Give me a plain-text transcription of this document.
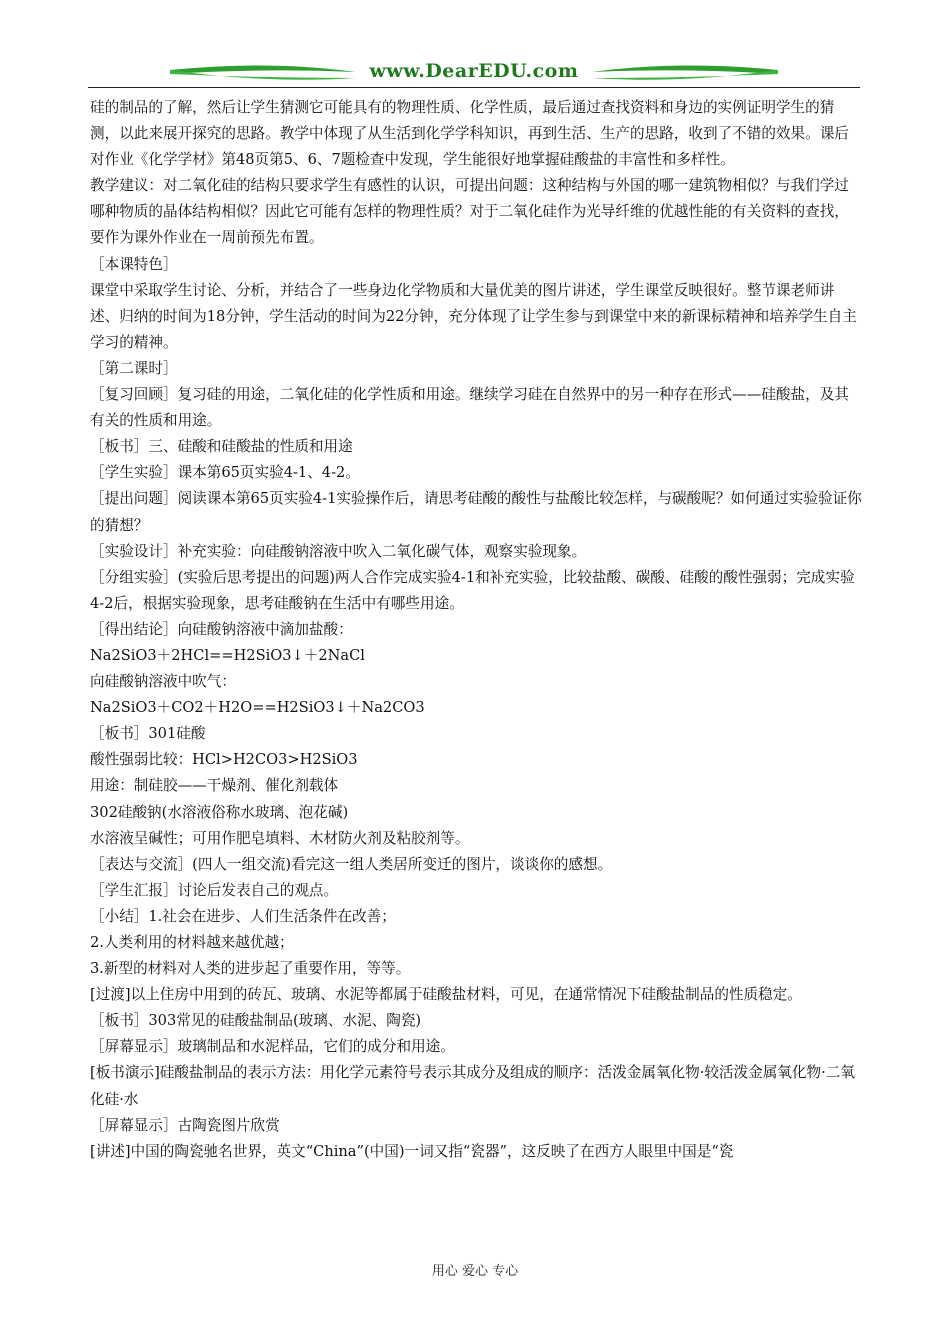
www.DearEDU.com

硅的制品的了解，然后让学生猜测它可能具有的物理性质、化学性质，最后通过查找资料和身边的实例证明学生的猜测，以此来展开探究的思路。教学中体现了从生活到化学学科知识，再到生活、生产的思路，收到了不错的效果。课后对作业《化学学材》第48页第5、6、7题检查中发现，学生能很好地掌握硅酸盐的丰富性和多样性。

教学建议：对二氧化硅的结构只要求学生有感性的认识，可提出问题：这种结构与外国的哪一建筑物相似？与我们学过哪种物质的晶体结构相似？因此它可能有怎样的物理性质？对于二氧化硅作为光导纤维的优越性能的有关资料的查找，要作为课外作业在一周前预先布置。

［本课特色］

课堂中采取学生讨论、分析，并结合了一些身边化学物质和大量优美的图片讲述，学生课堂反映很好。整节课老师讲述、归纳的时间为18分钟，学生活动的时间为22分钟，充分体现了让学生参与到课堂中来的新课标精神和培养学生自主学习的精神。

［第二课时］

［复习回顾］复习硅的用途，二氧化硅的化学性质和用途。继续学习硅在自然界中的另一种存在形式——硅酸盐，及其有关的性质和用途。

［板书］三、硅酸和硅酸盐的性质和用途

［学生实验］课本第65页实验4-1、4-2。

［提出问题］阅读课本第65页实验4-1实验操作后，请思考硅酸的酸性与盐酸比较怎样，与碳酸呢？如何通过实验验证你的猜想？

［实验设计］补充实验：向硅酸钠溶液中吹入二氧化碳气体，观察实验现象。

［分组实验］(实验后思考提出的问题)两人合作完成实验4-1和补充实验，比较盐酸、碳酸、硅酸的酸性强弱；完成实验4-2后，根据实验现象，思考硅酸钠在生活中有哪些用途。

［得出结论］向硅酸钠溶液中滴加盐酸：

Na2SiO3＋2HCl==H2SiO3↓＋2NaCl

向硅酸钠溶液中吹气：

Na2SiO3＋CO2＋H2O==H2SiO3↓＋Na2CO3

［板书］301硅酸

酸性强弱比较：HCl>H2CO3>H2SiO3

用途：制硅胶——干燥剂、催化剂载体

302硅酸钠(水溶液俗称水玻璃、泡花碱)

水溶液呈碱性；可用作肥皂填料、木材防火剂及粘胶剂等。

［表达与交流］(四人一组交流)看完这一组人类居所变迁的图片，谈谈你的感想。

［学生汇报］讨论后发表自己的观点。

［小结］1.社会在进步、人们生活条件在改善；

2.人类利用的材料越来越优越；

3.新型的材料对人类的进步起了重要作用，等等。

[过渡]以上住房中用到的砖瓦、玻璃、水泥等都属于硅酸盐材料，可见，在通常情况下硅酸盐制品的性质稳定。

［板书］303常见的硅酸盐制品(玻璃、水泥、陶瓷)

［屏幕显示］玻璃制品和水泥样品，它们的成分和用途。

[板书演示]硅酸盐制品的表示方法：用化学元素符号表示其成分及组成的顺序：活泼金属氧化物·较活泼金属氧化物·二氧化硅·水

［屏幕显示］古陶瓷图片欣赏

[讲述]中国的陶瓷驰名世界，英文“China”(中国)一词又指“瓷器”，这反映了在西方人眼里中国是“瓷

用心 爱心 专心
